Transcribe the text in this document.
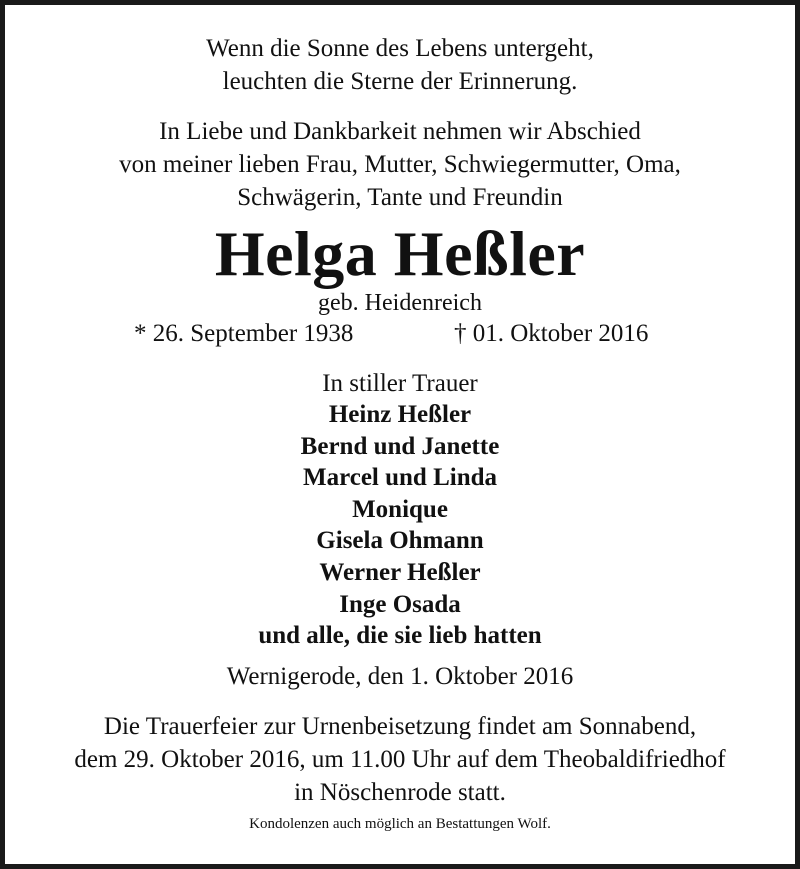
Wenn die Sonne des Lebens untergeht,
leuchten die Sterne der Erinnerung.
In Liebe und Dankbarkeit nehmen wir Abschied
von meiner lieben Frau, Mutter, Schwiegermutter, Oma,
Schwägerin, Tante und Freundin
Helga Heßler
geb. Heidenreich
* 26. September 1938	† 01. Oktober 2016
In stiller Trauer
Heinz Heßler
Bernd und Janette
Marcel und Linda
Monique
Gisela Ohmann
Werner Heßler
Inge Osada
und alle, die sie lieb hatten
Wernigerode, den 1. Oktober 2016
Die Trauerfeier zur Urnenbeisetzung findet am Sonnabend,
dem 29. Oktober 2016, um 11.00 Uhr auf dem Theobaldifriedhof
in Nöschenrode statt.
Kondolenzen auch möglich an Bestattungen Wolf.
